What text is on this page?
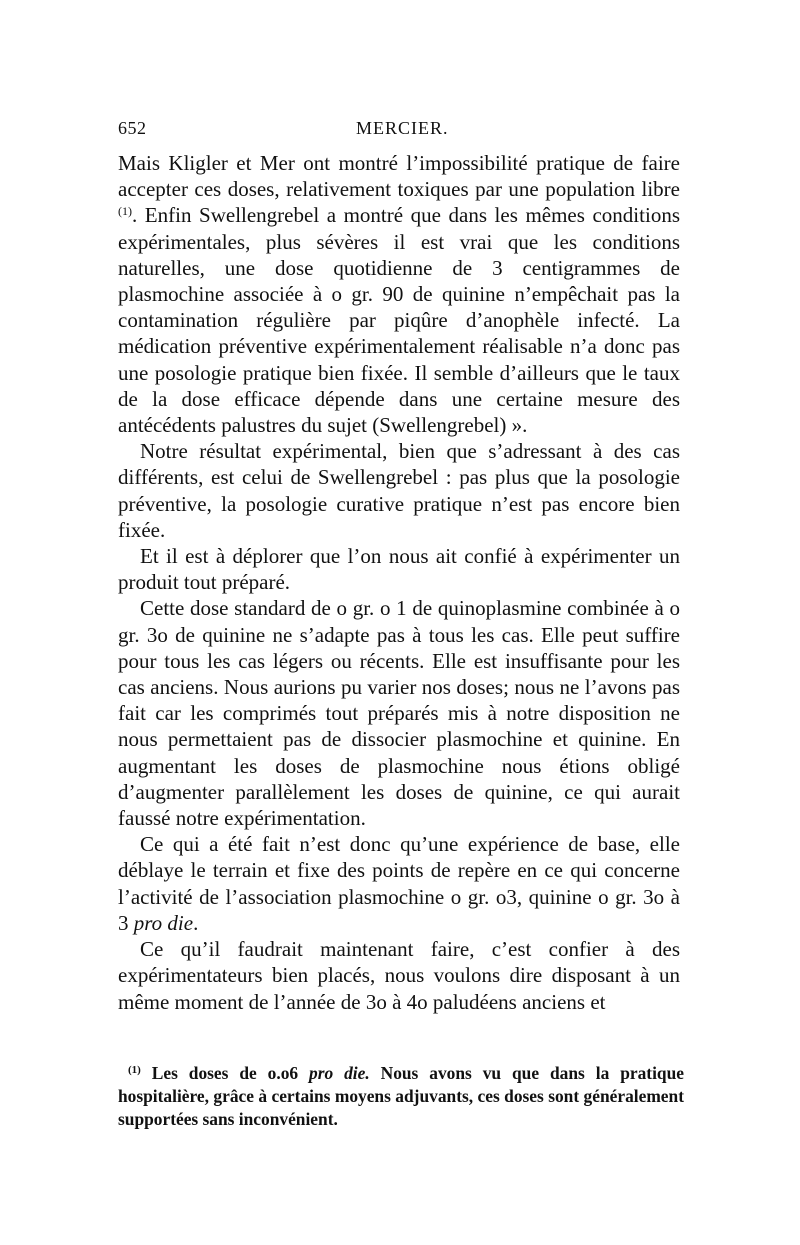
652	MERCIER.

Mais Kligler et Mer ont montré l’impossibilité pratique de faire accepter ces doses, relativement toxiques par une population libre $^{(1)}$. Enfin Swellengrebel a montré que dans les mêmes conditions expérimentales, plus sévères il est vrai que les conditions naturelles, une dose quotidienne de 3 centigrammes de plasmochine associée à o gr. 90 de quinine n’empêchait pas la contamination régulière par piqûre d’anophèle infecté. La médication préventive expérimentalement réalisable n’a donc pas une posologie pratique bien fixée. Il semble d’ailleurs que le taux de la dose efficace dépende dans une certaine mesure des antécédents palustres du sujet (Swellengrebel) ».

Notre résultat expérimental, bien que s’adressant à des cas différents, est celui de Swellengrebel : pas plus que la posologie préventive, la posologie curative pratique n’est pas encore bien fixée.

Et il est à déplorer que l’on nous ait confié à expérimenter un produit tout préparé.

Cette dose standard de o gr. o 1 de quinoplasmine combinée à o gr. 3o de quinine ne s’adapte pas à tous les cas. Elle peut suffire pour tous les cas légers ou récents. Elle est insuffisante pour les cas anciens. Nous aurions pu varier nos doses; nous ne l’avons pas fait car les comprimés tout préparés mis à notre disposition ne nous permettaient pas de dissocier plasmochine et quinine. En augmentant les doses de plasmochine nous étions obligé d’augmenter parallèlement les doses de quinine, ce qui aurait faussé notre expérimentation.

Ce qui a été fait n’est donc qu’une expérience de base, elle déblaye le terrain et fixe des points de repère en ce qui concerne l’activité de l’association plasmochine o gr. o3, quinine o gr. 3o à 3 pro die.

Ce qu’il faudrait maintenant faire, c’est confier à des expérimentateurs bien placés, nous voulons dire disposant à un même moment de l’année de 3o à 4o paludéens anciens et

$^{(1)}$ Les doses de o.o6 pro die. Nous avons vu que dans la pratique hospitalière, grâce à certains moyens adjuvants, ces doses sont généralement supportées sans inconvénient.
